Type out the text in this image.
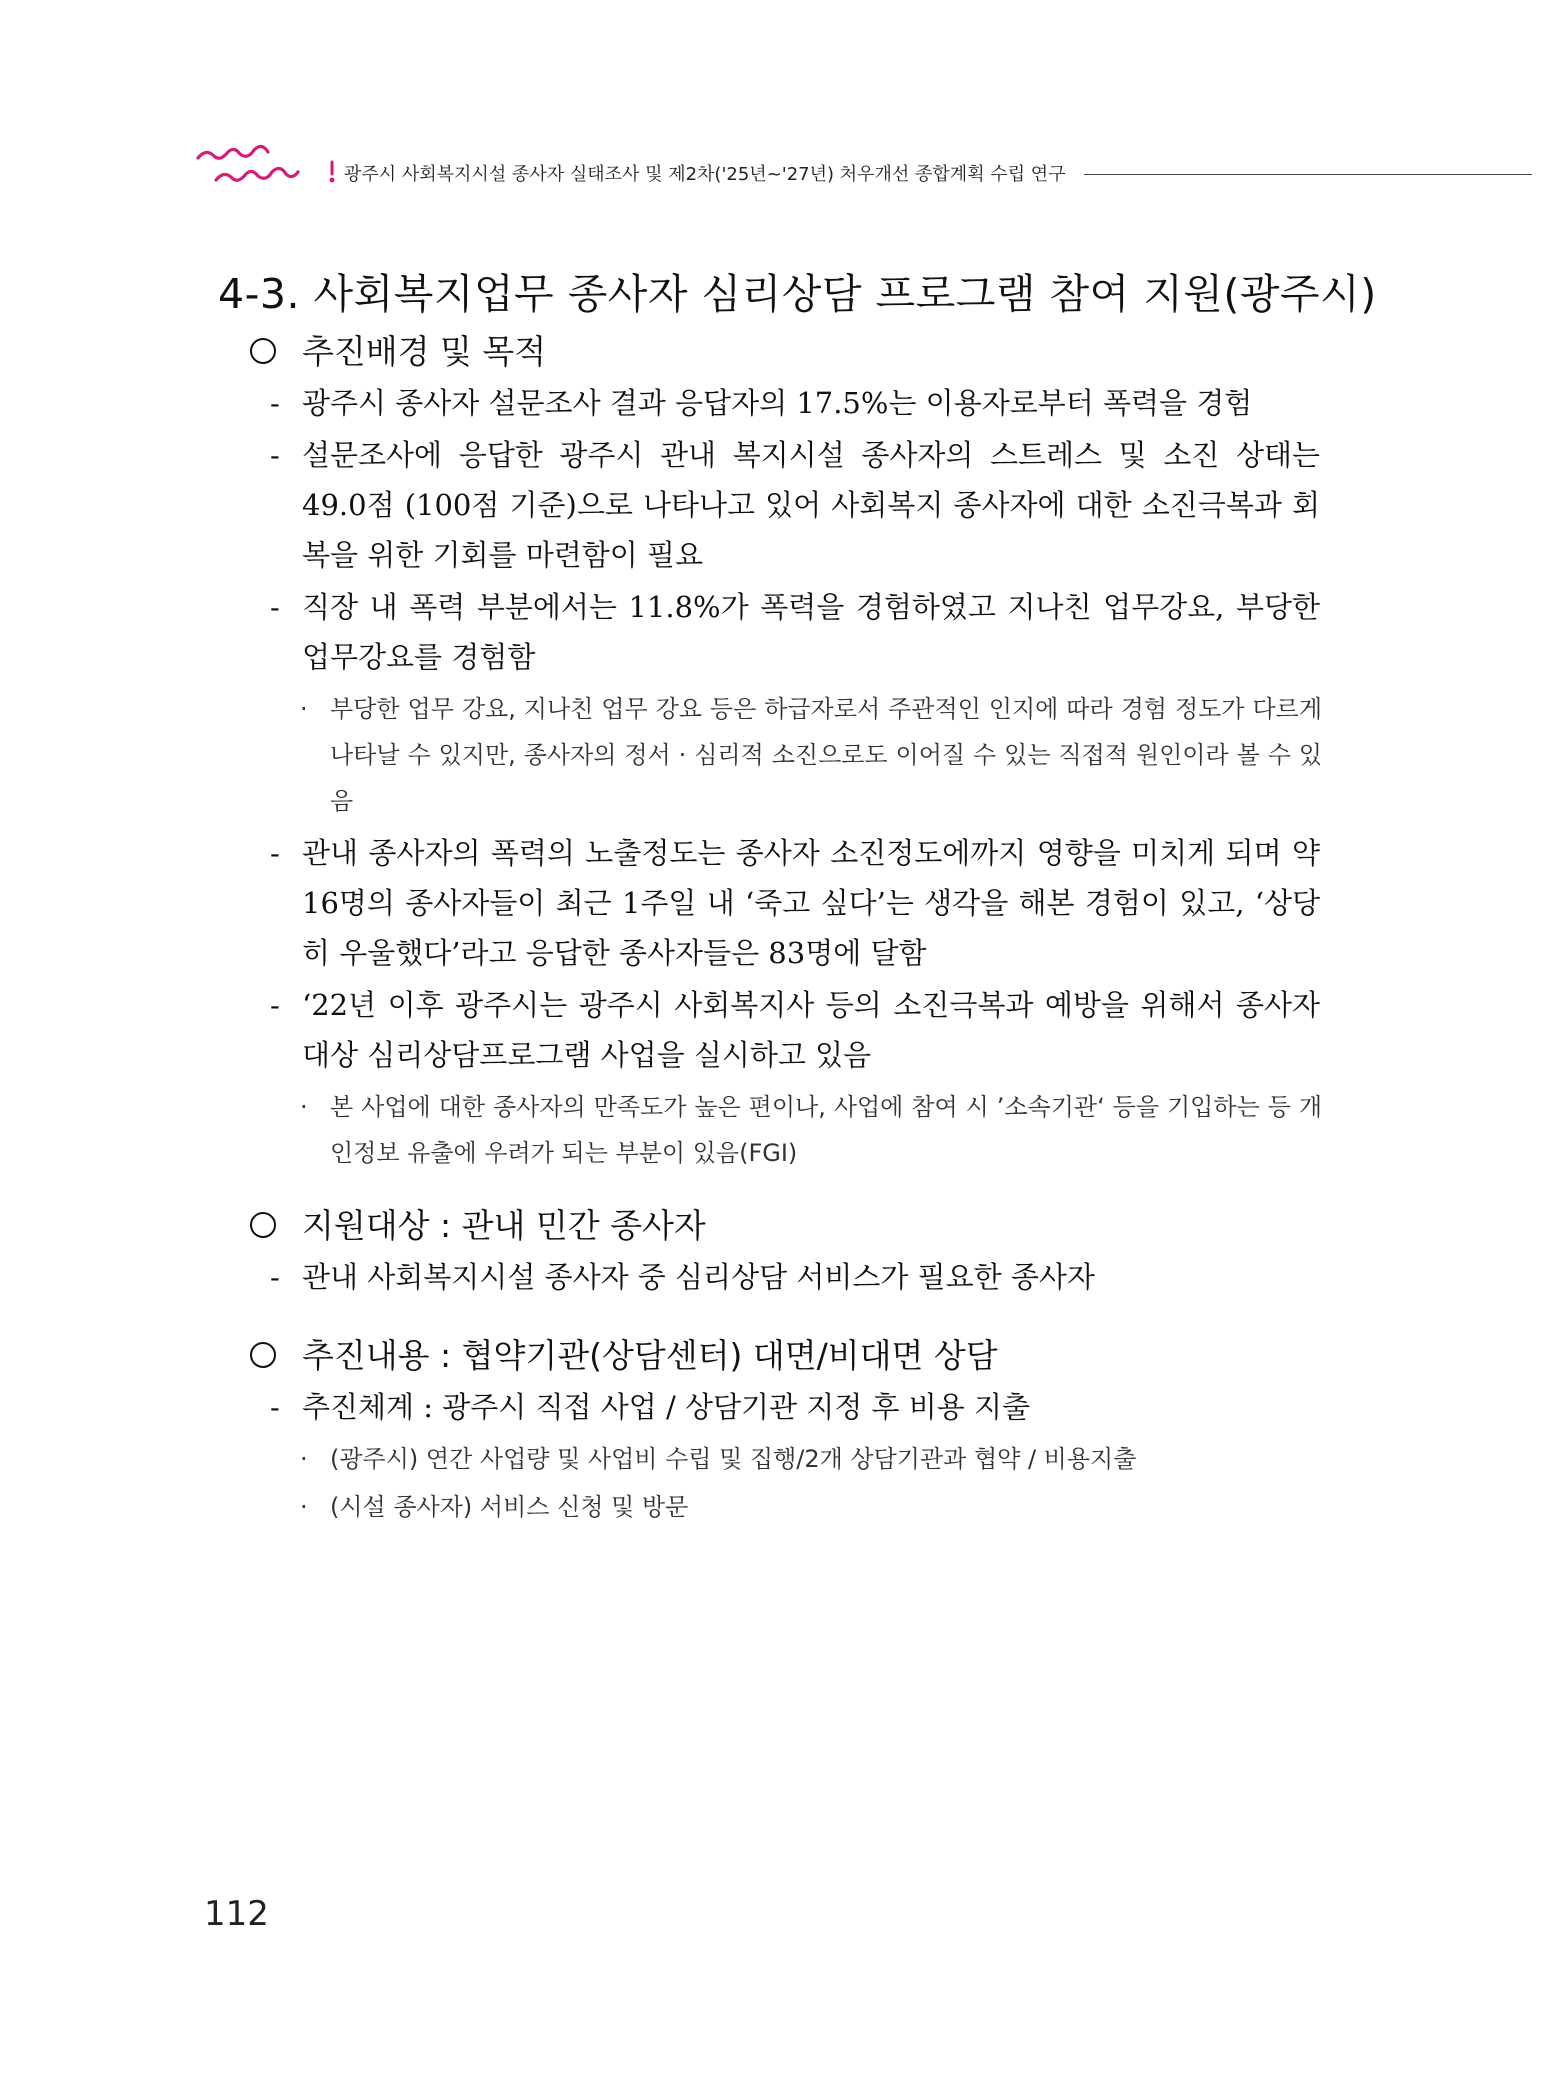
광주시 사회복지시설 종사자 실태조사 및 제2차('25년~'27년) 처우개선 종합계획 수립 연구
4-3. 사회복지업무 종사자 심리상담 프로그램 참여 지원(광주시)
추진배경 및 목적
- 광주시 종사자 설문조사 결과 응답자의 17.5%는 이용자로부터 폭력을 경험
- 설문조사에 응답한 광주시 관내 복지시설 종사자의 스트레스 및 소진 상태는 49.0점 (100점 기준)으로 나타나고 있어 사회복지 종사자에 대한 소진극복과 회복을 위한 기회를 마련함이 필요
- 직장 내 폭력 부분에서는 11.8%가 폭력을 경험하였고 지나친 업무강요, 부당한 업무강요를 경험함
· 부당한 업무 강요, 지나친 업무 강요 등은 하급자로서 주관적인 인지에 따라 경험 정도가 다르게 나타날 수 있지만, 종사자의 정서 · 심리적 소진으로도 이어질 수 있는 직접적 원인이라 볼 수 있음
- 관내 종사자의 폭력의 노출정도는 종사자 소진정도에까지 영향을 미치게 되며 약 16명의 종사자들이 최근 1주일 내 ‘죽고 싶다’는 생각을 해본 경험이 있고, ‘상당히 우울했다’라고 응답한 종사자들은 83명에 달함
- ‘22년 이후 광주시는 광주시 사회복지사 등의 소진극복과 예방을 위해서 종사자 대상 심리상담프로그램 사업을 실시하고 있음
· 본 사업에 대한 종사자의 만족도가 높은 편이나, 사업에 참여 시 ’소속기관‘ 등을 기입하는 등 개인정보 유출에 우려가 되는 부분이 있음(FGI)
지원대상 : 관내 민간 종사자
- 관내 사회복지시설 종사자 중 심리상담 서비스가 필요한 종사자
추진내용 : 협약기관(상담센터) 대면/비대면 상담
- 추진체계 : 광주시 직접 사업 / 상담기관 지정 후 비용 지출
· (광주시) 연간 사업량 및 사업비 수립 및 집행/2개 상담기관과 협약 / 비용지출
· (시설 종사자) 서비스 신청 및 방문
112
